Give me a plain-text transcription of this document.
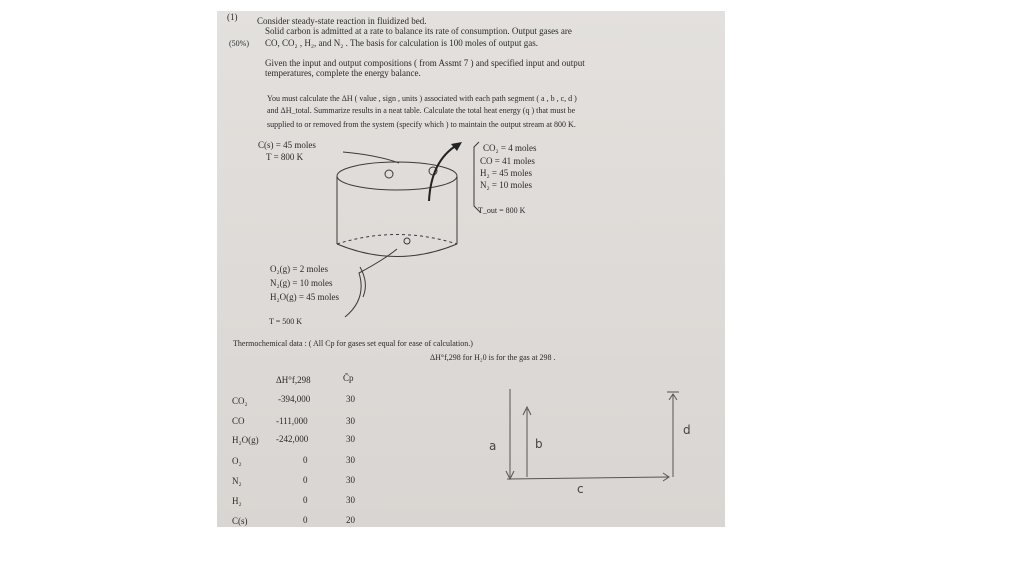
(1) Consider steady-state reaction in fluidized bed.
Solid carbon is admitted at a rate to balance its rate of consumption. Output gases are
(50%) CO, CO₂ , H₂, and N₂ . The basis for calculation is 100 moles of output gas.
Given the input and output compositions ( from Assmt 7 ) and specified input and output
temperatures, complete the energy balance.
You must calculate the ΔH ( value , sign , units ) associated with each path segment ( a , b , c, d )
and ΔH_total. Summarize results in a neat table. Calculate the total heat energy (q ) that must be
supplied to or removed from the system (specify which ) to maintain the output stream at 800 K.
C(s) = 45 moles
T = 800 K
CO₂ = 4 moles
CO = 41 moles
H₂ = 45 moles
N₂ = 10 moles
T_out = 800 K
O₂(g) = 2 moles
N₂(g) = 10 moles
H₂O(g) = 45 moles
T = 500 K
Thermochemical data : ( All Cp for gases set equal for ease of calculation.)
ΔH°f,298 for H₂0 is for the gas at 298 .
ΔH°f,298	C̄p
CO₂	-394,000	30
CO	-111,000	30
H₂O(g) -242,000	30
O₂	0	30
N₂	0	30
H₂	0	30
C(s)	0	20
a	b
c
d
